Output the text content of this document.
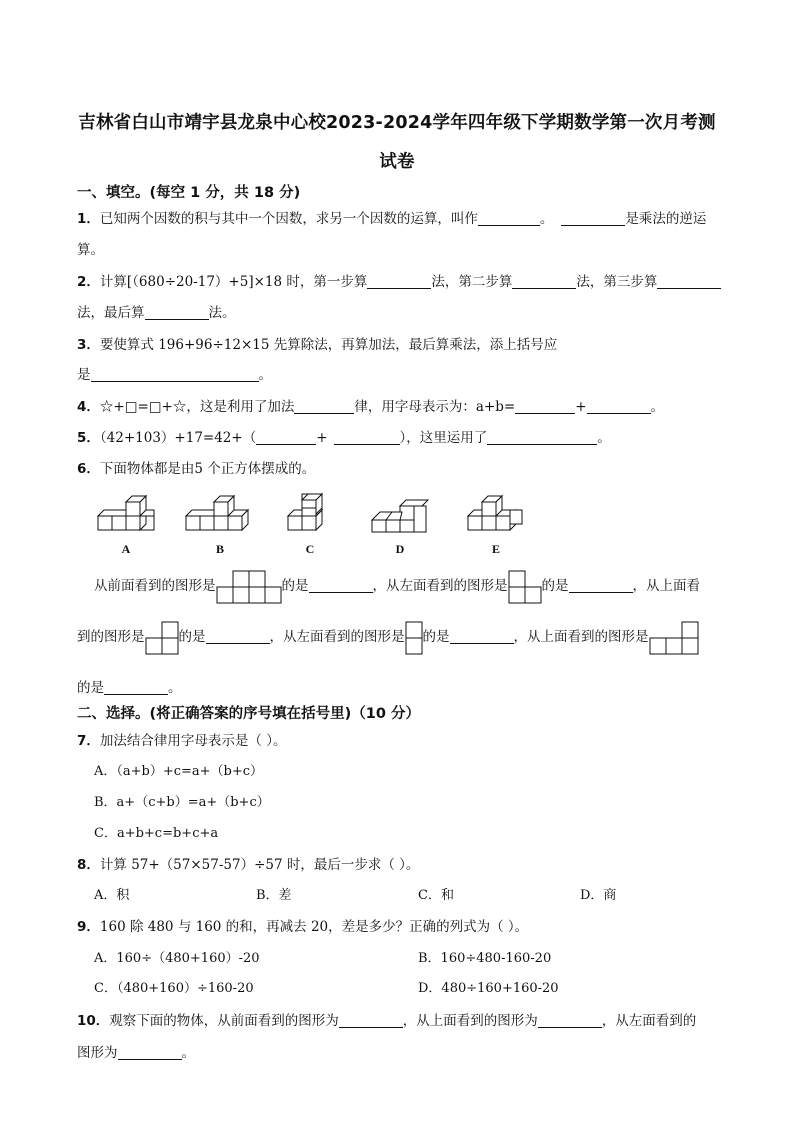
吉林省白山市靖宇县龙泉中心校2023-2024学年四年级下学期数学第一次月考测
试卷
一、填空。(每空 1 分，共 18 分)
1．已知两个因数的积与其中一个因数，求另一个因数的运算，叫作	。	是乘法的逆运
算。
2．计算[（680÷20-17）+5]×18 时，第一步算	法，第二步算	法，第三步算
法，最后算	法。
3．要使算式 196+96÷12×15 先算除法，再算加法，最后算乘法，添上括号应
是	。
4．☆+□=□+☆，这是利用了加法	律，用字母表示为：a+b=	+	。
5．（42+103）+17=42+（	+	），这里运用了	。
6．下面物体都是由5 个正方体摆成的。
A	B	C	D	E
从前面看到的图形是	的是	，从左面看到的图形是	的是	，从上面看
到的图形是	的是	，从左面看到的图形是 的是	，从上面看到的图形是
的是	。
二、选择。(将正确答案的序号填在括号里)（10 分）
7．加法结合律用字母表示是（ ）。
A．（a+b）+c=a+（b+c）
B．a+（c+b）=a+（b+c）
C．a+b+c=b+c+a
8．计算 57+（57×57-57）÷57 时，最后一步求（ ）。
A．积	B．差	C．和	D．商
9．160 除 480 与 160 的和，再减去 20，差是多少？正确的列式为（ ）。
A．160÷（480+160）-20	B．160÷480-160-20
C．（480+160）÷160-20	D．480÷160+160-20
10．观察下面的物体，从前面看到的图形为	，从上面看到的图形为	，从左面看到的
图形为	。
